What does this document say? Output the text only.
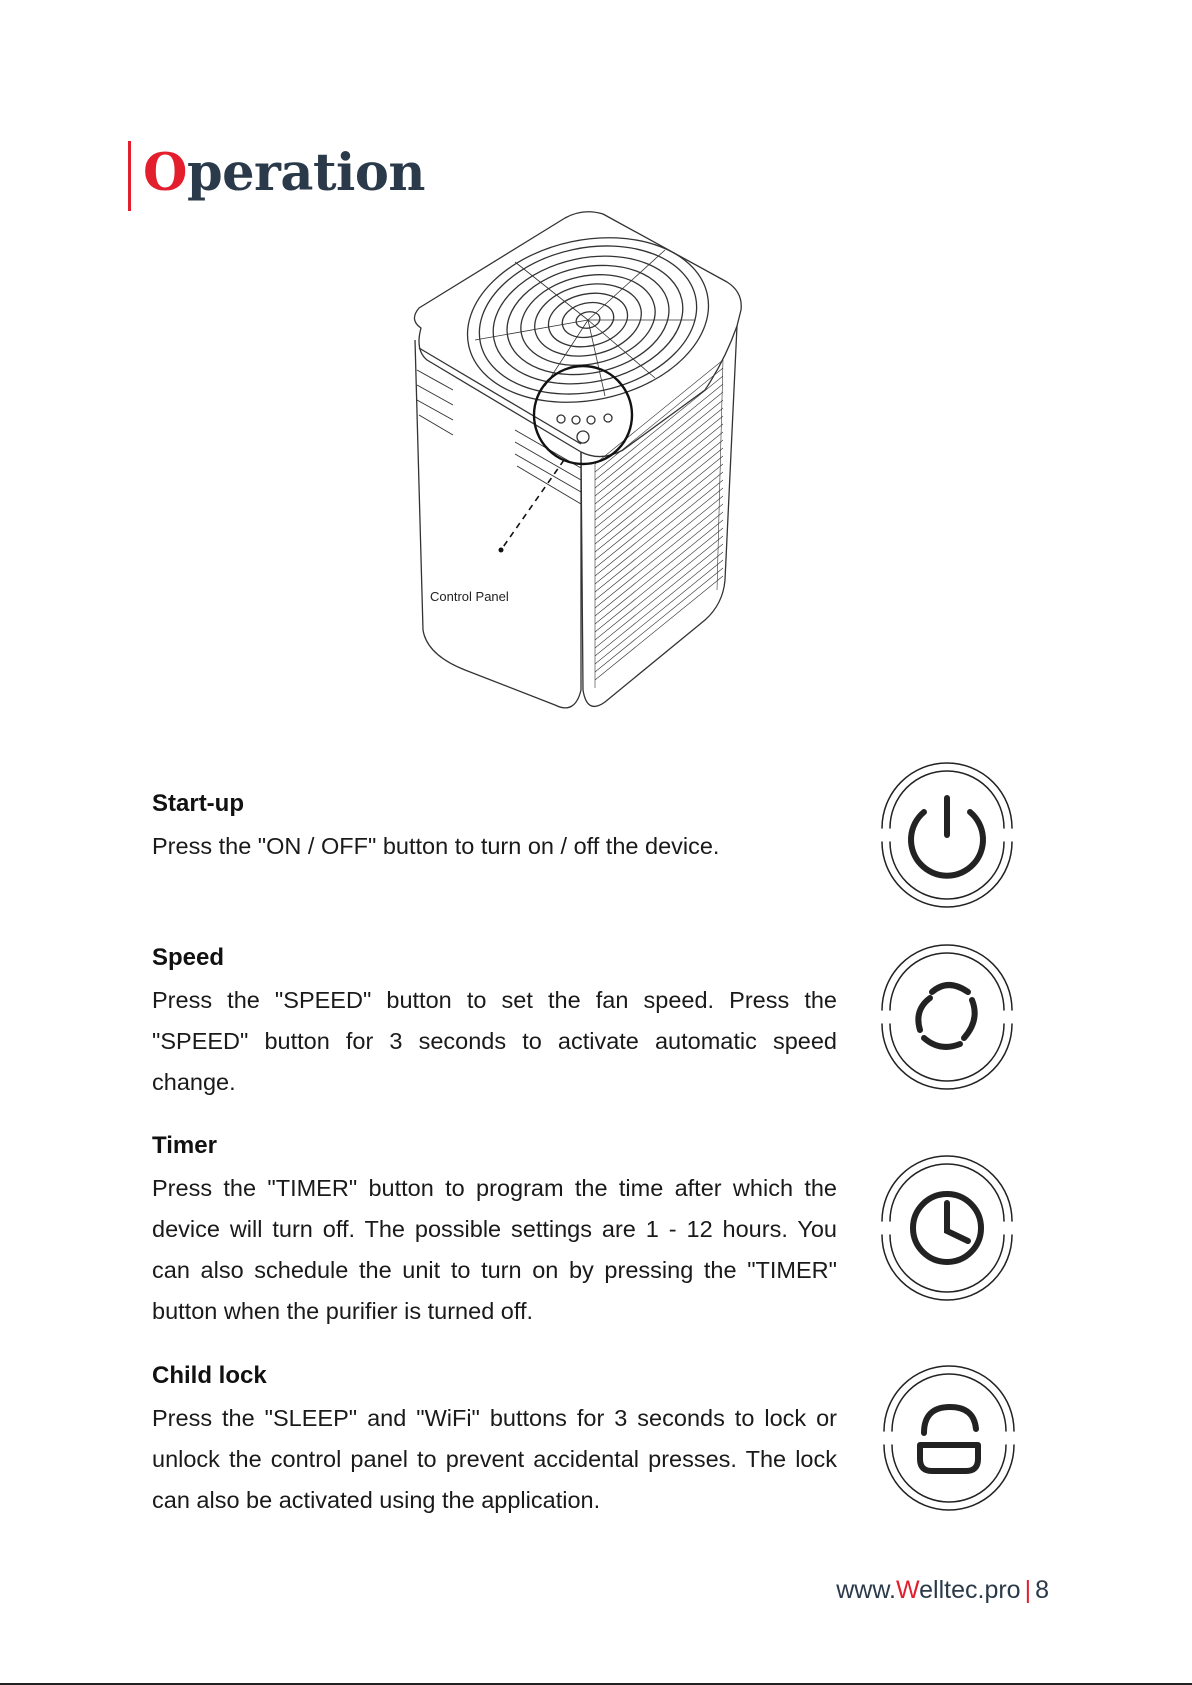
Operation
Control Panel
Start-up

Press the "ON / OFF" button to turn on / off the device.

Speed

Press the "SPEED" button to set the fan speed. Press the "SPEED" button for 3 seconds to activate automatic speed change.

Timer

Press the "TIMER" button to program the time after which the device will turn off. The possible settings are 1 - 12 hours. You can also schedule the unit to turn on by pressing the "TIMER" button when the purifier is turned off.

Child lock

Press the "SLEEP" and "WiFi" buttons for 3 seconds to lock or unlock the control panel to prevent accidental presses. The lock can also be activated using the application.

www.Welltec.pro | 8
